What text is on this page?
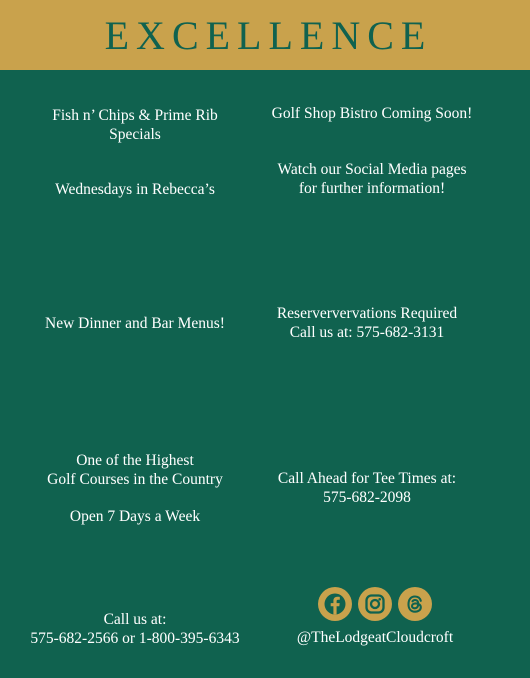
EXCELLENCE

Fish n’ Chips & Prime Rib

Specials

Wednesdays in Rebecca’s

New Dinner and Bar Menus!

One of the Highest

Golf Courses in the Country

Open 7 Days a Week

Call us at:

575-682-2566 or 1-800-395-6343

Golf Shop Bistro Coming Soon!

Watch our Social Media pages

for further information!

Reserververvations Required

Call us at: 575-682-3131

Call Ahead for Tee Times at:

575-682-2098

@TheLodgeatCloudcroft
